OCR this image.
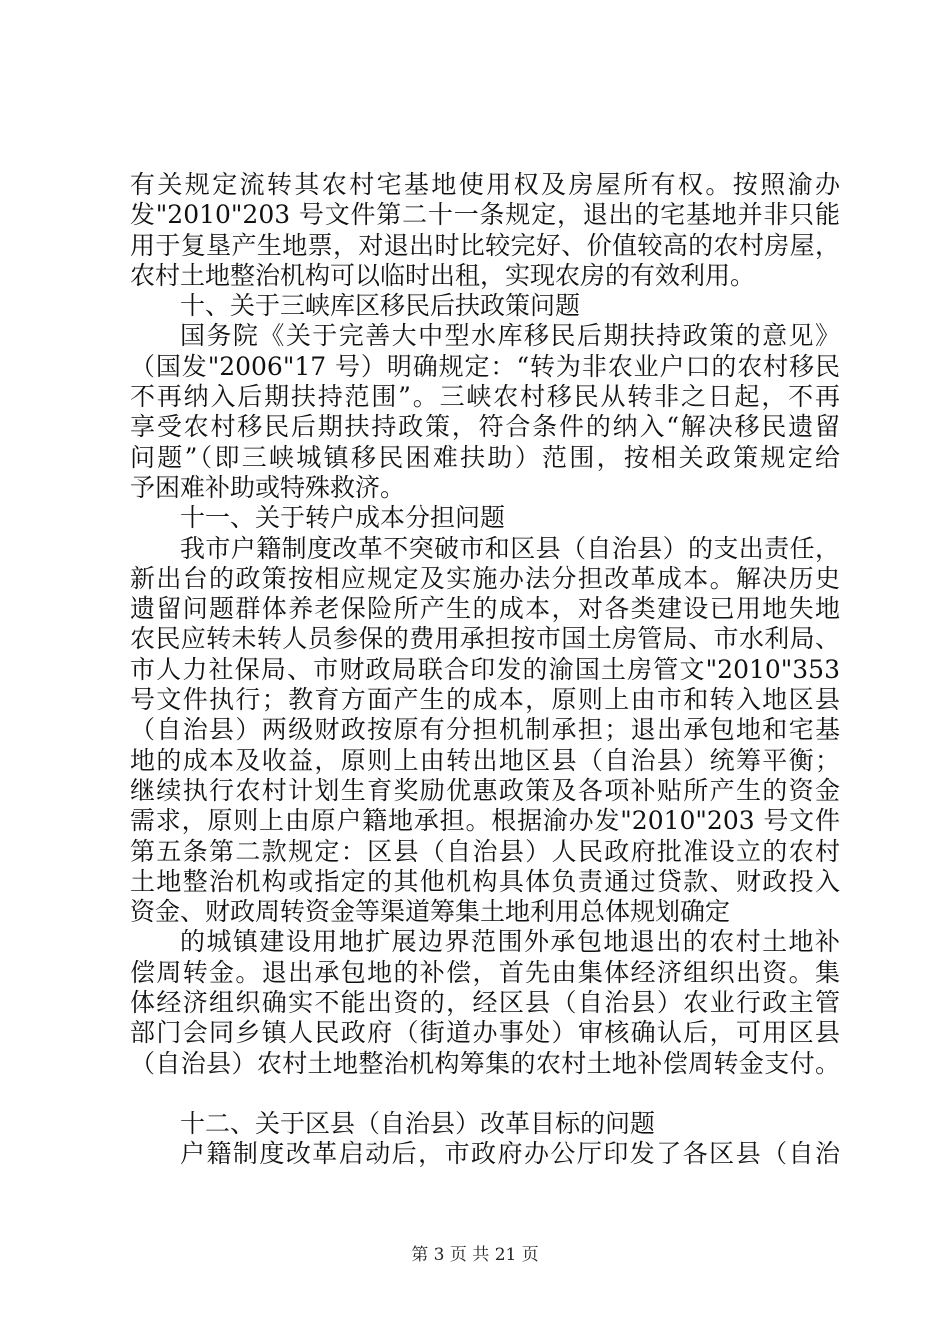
有关规定流转其农村宅基地使用权及房屋所有权。按照渝办
发"2010"203 号文件第二十一条规定，退出的宅基地并非只能
用于复垦产生地票，对退出时比较完好、价值较高的农村房屋，
农村土地整治机构可以临时出租，实现农房的有效利用。
十、关于三峡库区移民后扶政策问题
国务院《关于完善大中型水库移民后期扶持政策的意见》
（国发"2006"17 号）明确规定：“转为非农业户口的农村移民
不再纳入后期扶持范围”。三峡农村移民从转非之日起，不再
享受农村移民后期扶持政策，符合条件的纳入“解决移民遗留
问题”（即三峡城镇移民困难扶助）范围，按相关政策规定给
予困难补助或特殊救济。
十一、关于转户成本分担问题
我市户籍制度改革不突破市和区县（自治县）的支出责任，
新出台的政策按相应规定及实施办法分担改革成本。解决历史
遗留问题群体养老保险所产生的成本，对各类建设已用地失地
农民应转未转人员参保的费用承担按市国土房管局、市水利局、
市人力社保局、市财政局联合印发的渝国土房管文"2010"353
号文件执行；教育方面产生的成本，原则上由市和转入地区县
（自治县）两级财政按原有分担机制承担；退出承包地和宅基
地的成本及收益，原则上由转出地区县（自治县）统筹平衡；
继续执行农村计划生育奖励优惠政策及各项补贴所产生的资金
需求，原则上由原户籍地承担。根据渝办发"2010"203 号文件
第五条第二款规定：区县（自治县）人民政府批准设立的农村
土地整治机构或指定的其他机构具体负责通过贷款、财政投入
资金、财政周转资金等渠道筹集土地利用总体规划确定
的城镇建设用地扩展边界范围外承包地退出的农村土地补
偿周转金。退出承包地的补偿，首先由集体经济组织出资。集
体经济组织确实不能出资的，经区县（自治县）农业行政主管
部门会同乡镇人民政府（街道办事处）审核确认后，可用区县
（自治县）农村土地整治机构筹集的农村土地补偿周转金支付。
十二、关于区县（自治县）改革目标的问题
户籍制度改革启动后，市政府办公厅印发了各区县（自治
第 3 页 共 21 页
